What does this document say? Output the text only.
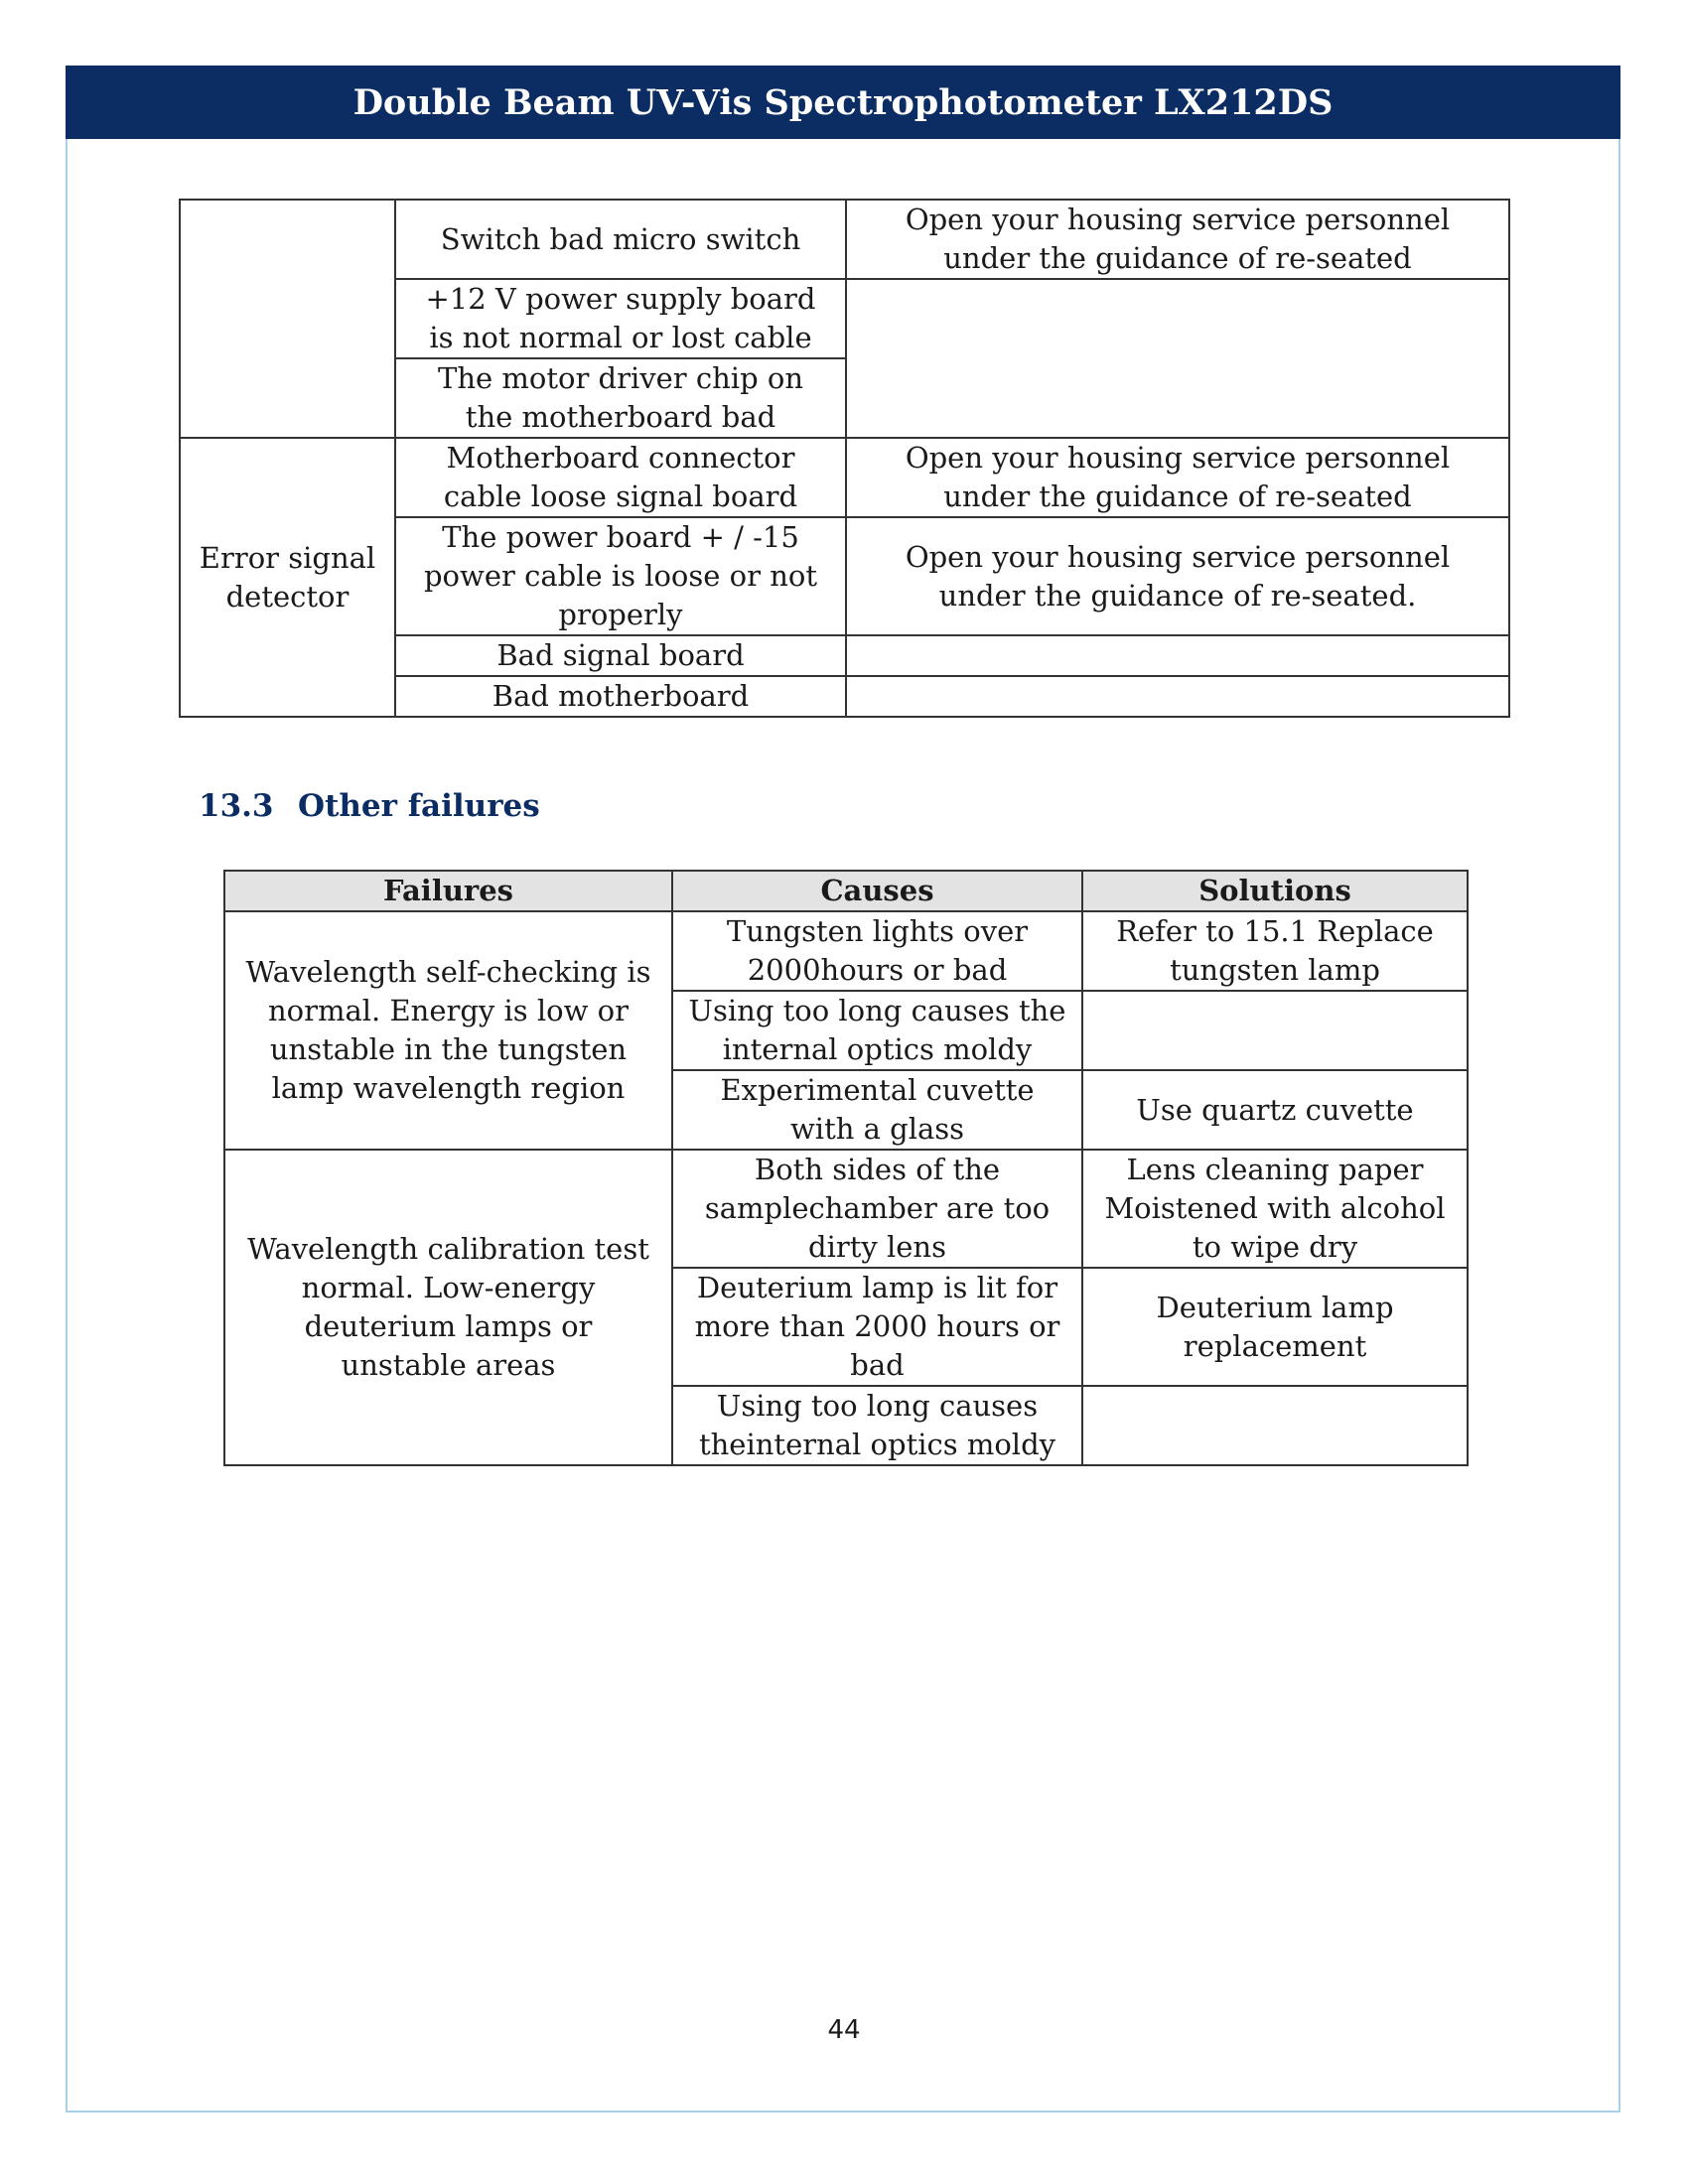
Double Beam UV-Vis Spectrophotometer LX212DS
	Switch bad micro switch	Open your housing service personnel under the guidance of re-seated
	+12 V power supply board is not normal or lost cable	
	The motor driver chip on the motherboard bad	
Error signal detector	Motherboard connector cable loose signal board	Open your housing service personnel under the guidance of re-seated
	The power board + / -15 power cable is loose or not properly	Open your housing service personnel under the guidance of re-seated.
	Bad signal board	
	Bad motherboard	
13.3 Other failures
Failures	Causes	Solutions
Wavelength self-checking is normal. Energy is low or unstable in the tungsten lamp wavelength region	Tungsten lights over 2000hours or bad	Refer to 15.1 Replace tungsten lamp
	Using too long causes the internal optics moldy	
	Experimental cuvette with a glass	Use quartz cuvette
Wavelength calibration test normal. Low-energy deuterium lamps or unstable areas	Both sides of the samplechamber are too dirty lens	Lens cleaning paper Moistened with alcohol to wipe dry
	Deuterium lamp is lit for more than 2000 hours or bad	Deuterium lamp replacement
	Using too long causes theinternal optics moldy	
44
